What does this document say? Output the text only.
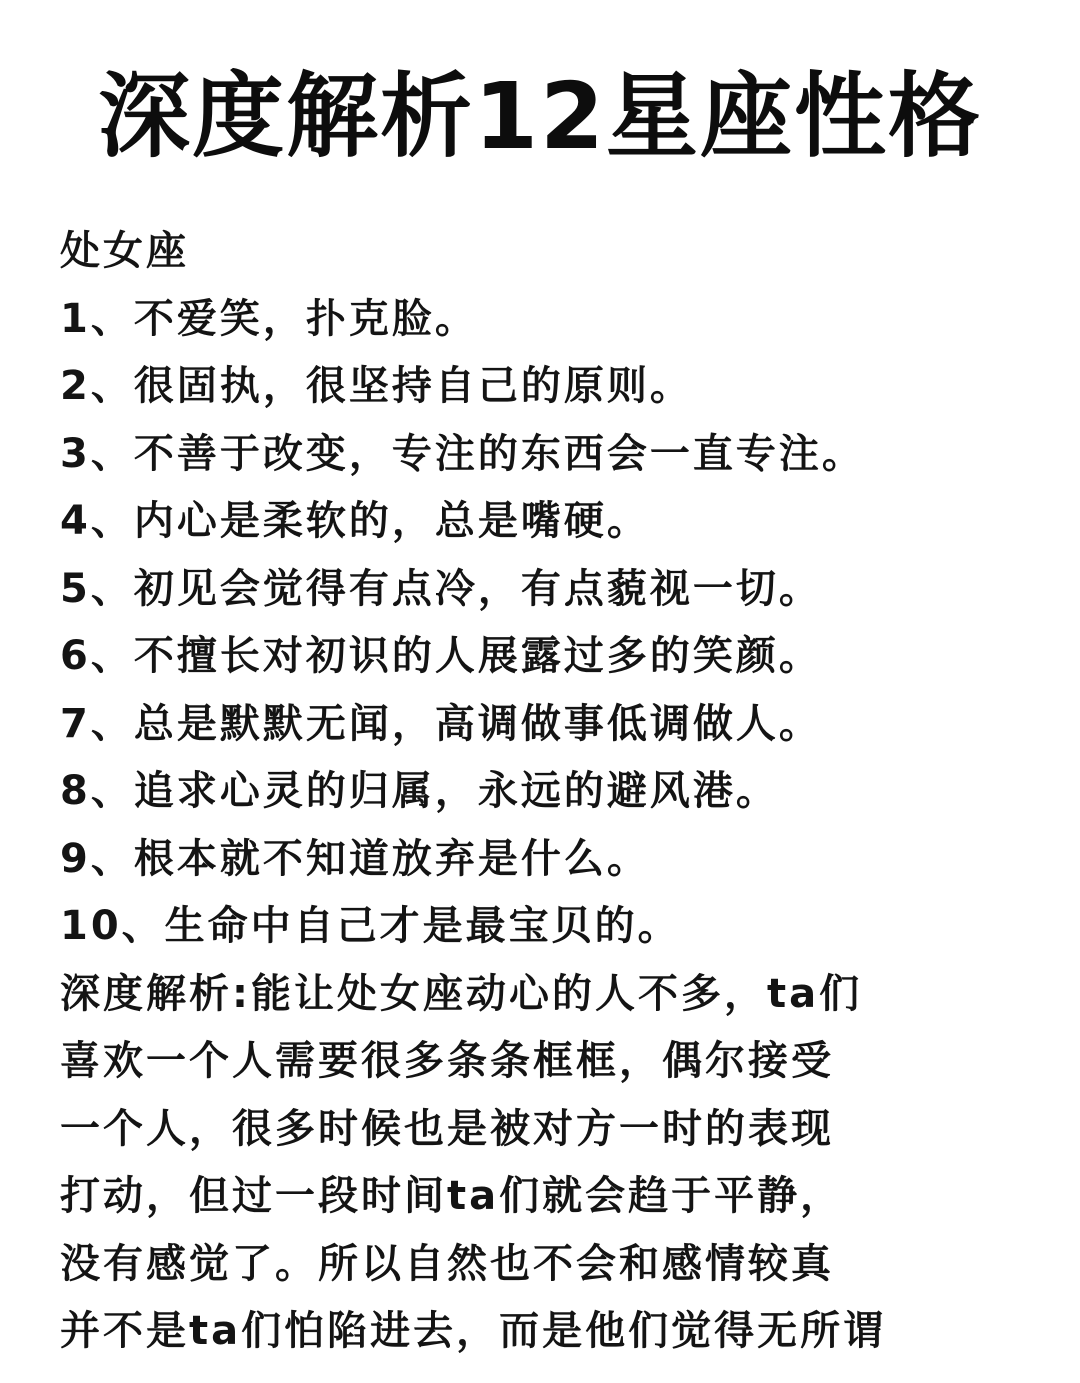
深度解析12星座性格
处女座
1、不爱笑，扑克脸。
2、很固执，很坚持自己的原则。
3、不善于改变，专注的东西会一直专注。
4、内心是柔软的，总是嘴硬。
5、初见会觉得有点冷，有点藐视一切。
6、不擅长对初识的人展露过多的笑颜。
7、总是默默无闻，高调做事低调做人。
8、追求心灵的归属，永远的避风港。
9、根本就不知道放弃是什么。
10、生命中自己才是最宝贝的。
深度解析:能让处女座动心的人不多，ta们
喜欢一个人需要很多条条框框，偶尔接受
一个人，很多时候也是被对方一时的表现
打动，但过一段时间ta们就会趋于平静，
没有感觉了。所以自然也不会和感情较真
并不是ta们怕陷进去，而是他们觉得无所谓
